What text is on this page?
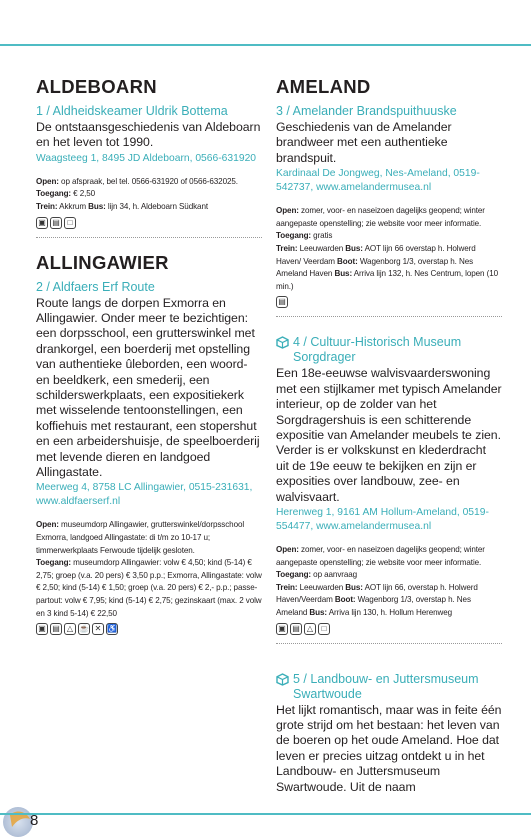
ALDEBOARN
1 / Aldheidskeamer Uldrik Bottema
De ontstaansgeschiedenis van Aldeboarn en het leven tot 1990.
Waagsteeg 1, 8495 JD Aldeboarn, 0566-631920

Open: op afspraak, bel tel. 0566-631920 of 0566-632025.

Toegang: € 2,50

Trein: Akkrum Bus: lijn 34, h. Aldeboarn Südkant

▣ ▤ □
ALLINGAWIER
2 / Aldfaers Erf Route
Route langs de dorpen Exmorra en Allingawier. Onder meer te bezichtigen: een dorpsschool, een grutterswinkel met drankorgel, een boerderij met opstelling van authentieke ûleborden, een woord- en beeldkerk, een smederij, een schilderswerkplaats, een expositiekerk met wisselende tentoonstellingen, een koffiehuis met restaurant, een stopershut en een arbeidershuisje, de speelboerderij met levende dieren en landgoed Allingastate.
Meerweg 4, 8758 LC Allingawier, 0515-231631, www.aldfaerserf.nl

Open: museumdorp Allingawier, grutterswinkel/dorpsschool Exmorra, landgoed Allingastate: di t/m zo 10-17 u; timmerwerkplaats Ferwoude tijdelijk gesloten.

Toegang: museumdorp Allingawier: volw € 4,50; kind (5-14) € 2,75; groep (v.a. 20 pers) € 3,50 p.p.; Exmorra, Allingastate: volw € 2,50; kind (5-14) € 1,50; groep (v.a. 20 pers) € 2,- p.p.; passe-partout: volw € 7,95; kind (5-14) € 2,75; gezinskaart (max. 2 volw en 3 kind 5-14) € 22,50

▣ ▤ △ ☕ ✕ ♿
AMELAND
3 / Amelander Brandspuithuuske
Geschiedenis van de Amelander brandweer met een authentieke brandspuit.
Kardinaal De Jongweg, Nes-Ameland, 0519-542737, www.amelandermusea.nl

Open: zomer, voor- en naseizoen dagelijks geopend; winter aangepaste openstelling; zie website voor meer informatie.

Toegang: gratis

Trein: Leeuwarden Bus: AOT lijn 66 overstap h. Holwerd Haven/ Veerdam Boot: Wagenborg 1/3, overstap h. Nes Ameland Haven Bus: Arriva lijn 132, h. Nes Centrum, lopen (10 min.)

▤
4 / Cultuur-Historisch Museum Sorgdrager
Een 18e-eeuwse walvisvaarderswoning met een stijlkamer met typisch Amelander interieur, op de zolder van het Sorgdragershuis is een schitterende expositie van Amelander meubels te zien. Verder is er volkskunst en klederdracht uit de 19e eeuw te bekijken en zijn er exposities over landbouw, zee- en walvisvaart.
Herenweg 1, 9161 AM Hollum-Ameland, 0519-554477, www.amelandermusea.nl

Open: zomer, voor- en naseizoen dagelijks geopend; winter aangepaste openstelling; zie website voor meer informatie.

Toegang: op aanvraag

Trein: Leeuwarden Bus: AOT lijn 66, overstap h. Holwerd Haven/Veerdam Boot: Wagenborg 1/3, overstap h. Nes Ameland Bus: Arriva lijn 130, h. Hollum Herenweg

▣ ▤ △	□
5 / Landbouw- en Juttersmuseum Swartwoude
Het lijkt romantisch, maar was in feite één grote strijd om het bestaan: het leven van de boeren op het oude Ameland. Hoe dat leven er precies uitzag ontdekt u in het Landbouw- en Juttersmuseum Swartwoude. Uit de naam
8
